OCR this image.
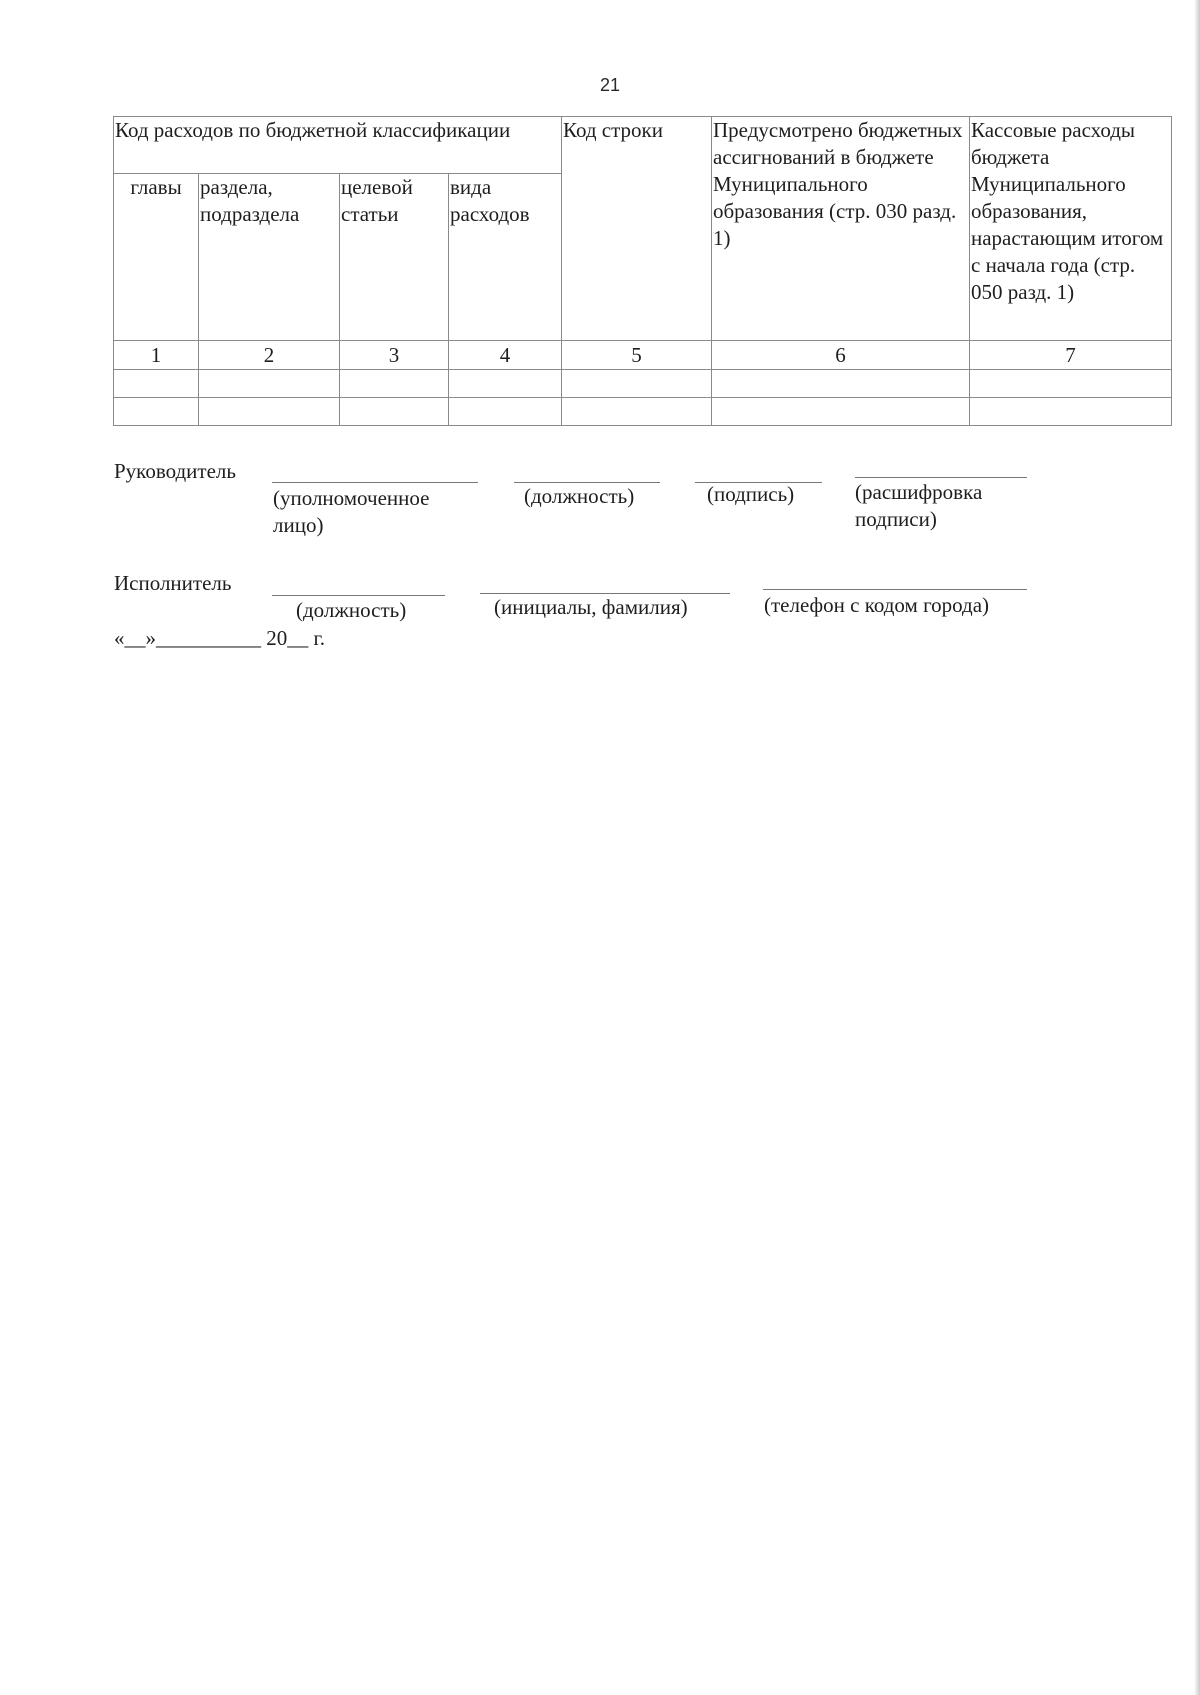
21
Код расходов по бюджетной классификации				Код строки	Предусмотрено бюджетных ассигнований в бюджете Муниципального образования (стр. 030 разд. 1)	Кассовые расходы бюджета Муниципального образования, нарастающим итогом с начала года (стр. 050 разд. 1)
главы	раздела, подраздела	целевой статьи	вида расходов			
1	2	3	4	5	6	7

Руководитель
(уполномоченное лицо)
(должность)	(подпись)	(расшифровка подписи)
Исполнитель
(должность)	(инициалы, фамилия)	(телефон с кодом города)
«__»__________ 20__ г.
